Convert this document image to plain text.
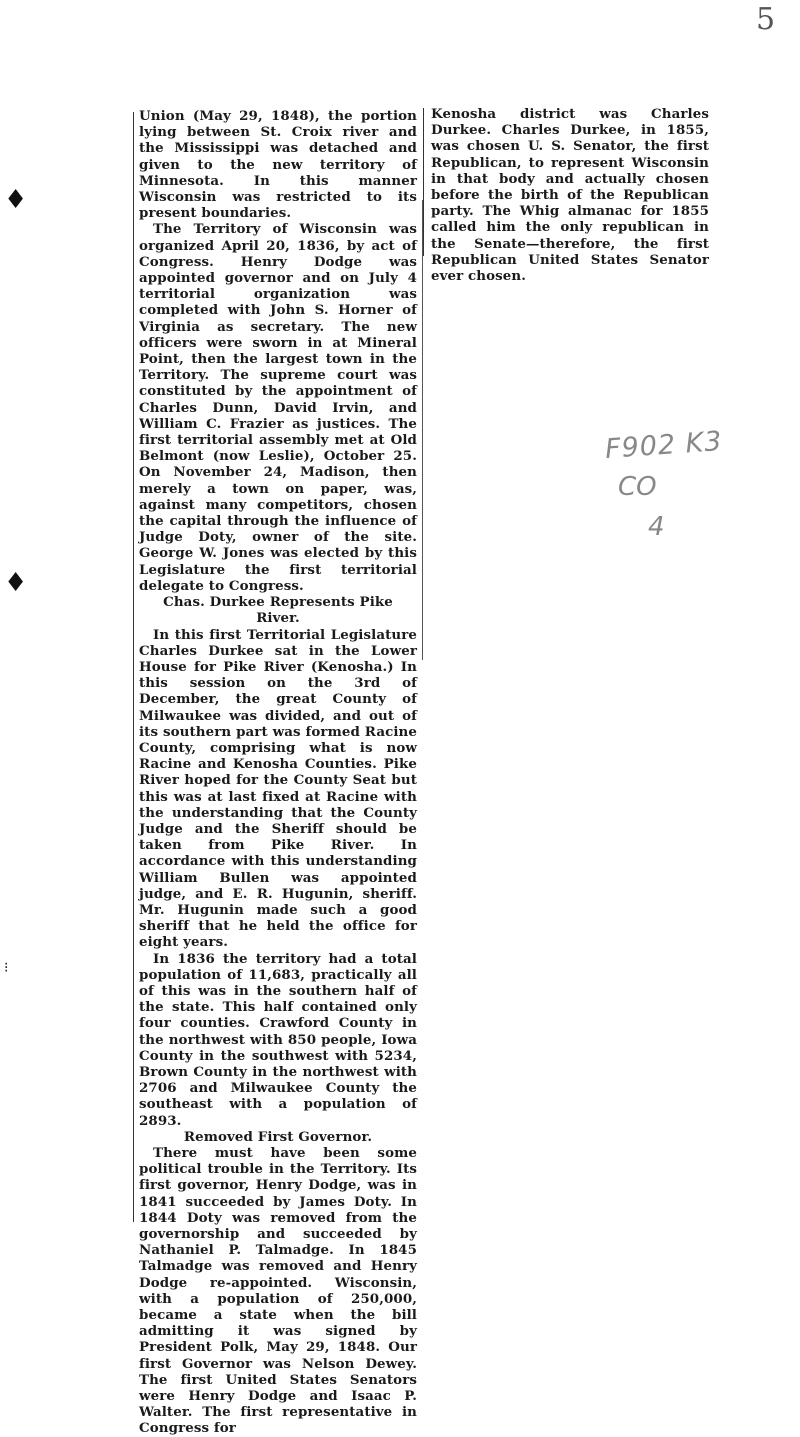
5
♦
♦
⁝

Union (May 29, 1848), the portion lying between St. Croix river and the Mississippi was detached and given to the new territory of Minnesota. In this manner Wisconsin was restricted to its present boundaries.

The Territory of Wisconsin was organized April 20, 1836, by act of Congress. Henry Dodge was appointed governor and on July 4 territorial organization was completed with John S. Horner of Virginia as secretary. The new officers were sworn in at Mineral Point, then the largest town in the Territory. The supreme court was constituted by the appointment of Charles Dunn, David Irvin, and William C. Frazier as justices. The first territorial assembly met at Old Belmont (now Leslie), October 25. On November 24, Madison, then merely a town on paper, was, against many competitors, chosen the capital through the influence of Judge Doty, owner of the site. George W. Jones was elected by this Legislature the first territorial delegate to Congress.

Chas. Durkee Represents Pike River.

In this first Territorial Legislature Charles Durkee sat in the Lower House for Pike River (Kenosha.) In this session on the 3rd of December, the great County of Milwaukee was divided, and out of its southern part was formed Racine County, comprising what is now Racine and Kenosha Counties. Pike River hoped for the County Seat but this was at last fixed at Racine with the understanding that the County Judge and the Sheriff should be taken from Pike River. In accordance with this understanding William Bullen was appointed judge, and E. R. Hugunin, sheriff. Mr. Hugunin made such a good sheriff that he held the office for eight years.

In 1836 the territory had a total population of 11,683, practically all of this was in the southern half of the state. This half contained only four counties. Crawford County in the northwest with 850 people, Iowa County in the southwest with 5234, Brown County in the northwest with 2706 and Milwaukee County the southeast with a population of 2893.

Removed First Governor.

There must have been some political trouble in the Territory. Its first governor, Henry Dodge, was in 1841 succeeded by James Doty. In 1844 Doty was removed from the governorship and succeeded by Nathaniel P. Talmadge. In 1845 Talmadge was removed and Henry Dodge re-appointed. Wisconsin, with a population of 250,000, became a state when the bill admitting it was signed by President Polk, May 29, 1848. Our first Governor was Nelson Dewey. The first United States Senators were Henry Dodge and Isaac P. Walter. The first representative in Congress for

Kenosha district was Charles Durkee. Charles Durkee, in 1855, was chosen U. S. Senator, the first Republican, to represent Wisconsin in that body and actually chosen before the birth of the Republican party. The Whig almanac for 1855 called him the only republican in the Senate—therefore, the first Republican United States Senator ever chosen.

F902 K3
CO
4
